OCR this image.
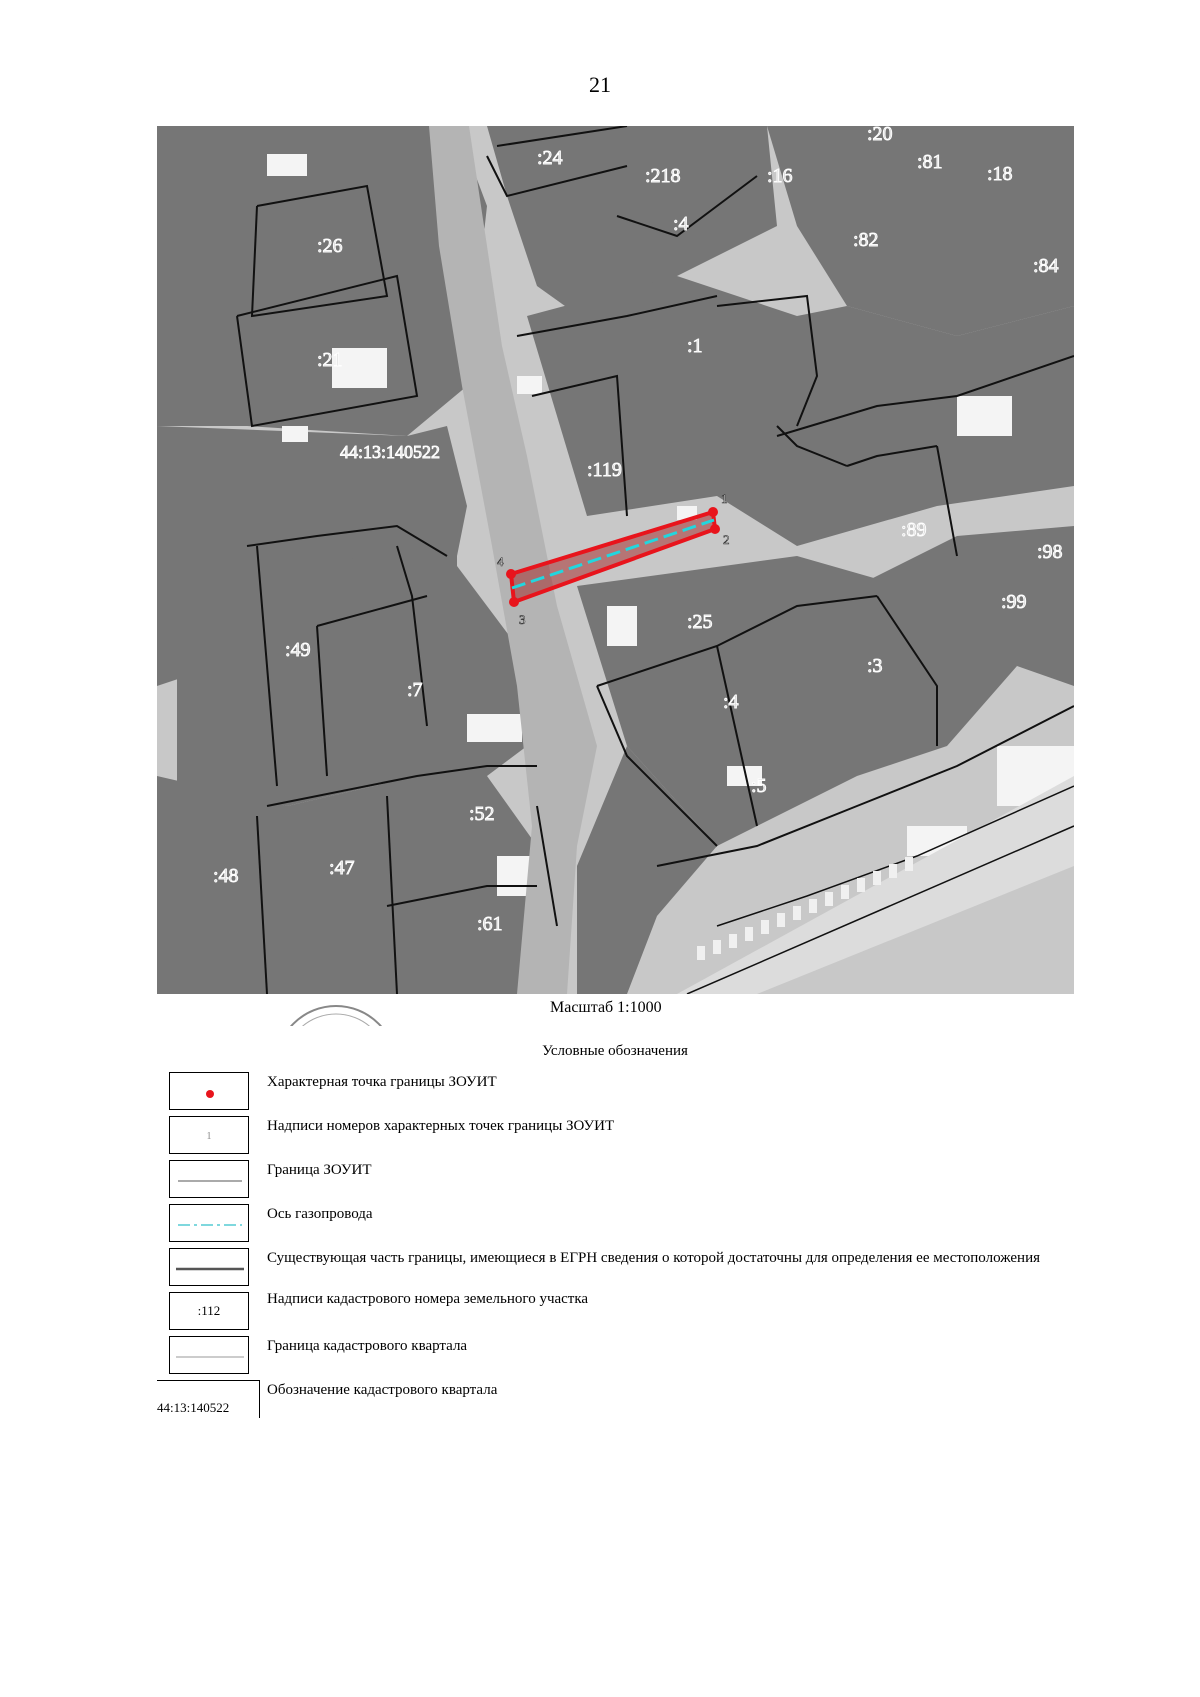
21
1
2
3
4
:20
:24
:218	:16
:81
:18
:26
:4
:82
:84
:21
:1
:119
:89
:98
:99
:25
:49
:7
:3
:4
:5
:52
:48	:47
:61
44:13:140522
Масштаб 1:1000
Условные обозначения
Характерная точка границы ЗОУИТ
1
Надписи номеров характерных точек границы ЗОУИТ
Граница ЗОУИТ
Ось газопровода
Существующая часть границы, имеющиеся в ЕГРН сведения о которой достаточны для определения ее местоположения
:112
Надписи кадастрового номера земельного участка
Граница кадастрового квартала
44:13:140522
Обозначение кадастрового квартала
